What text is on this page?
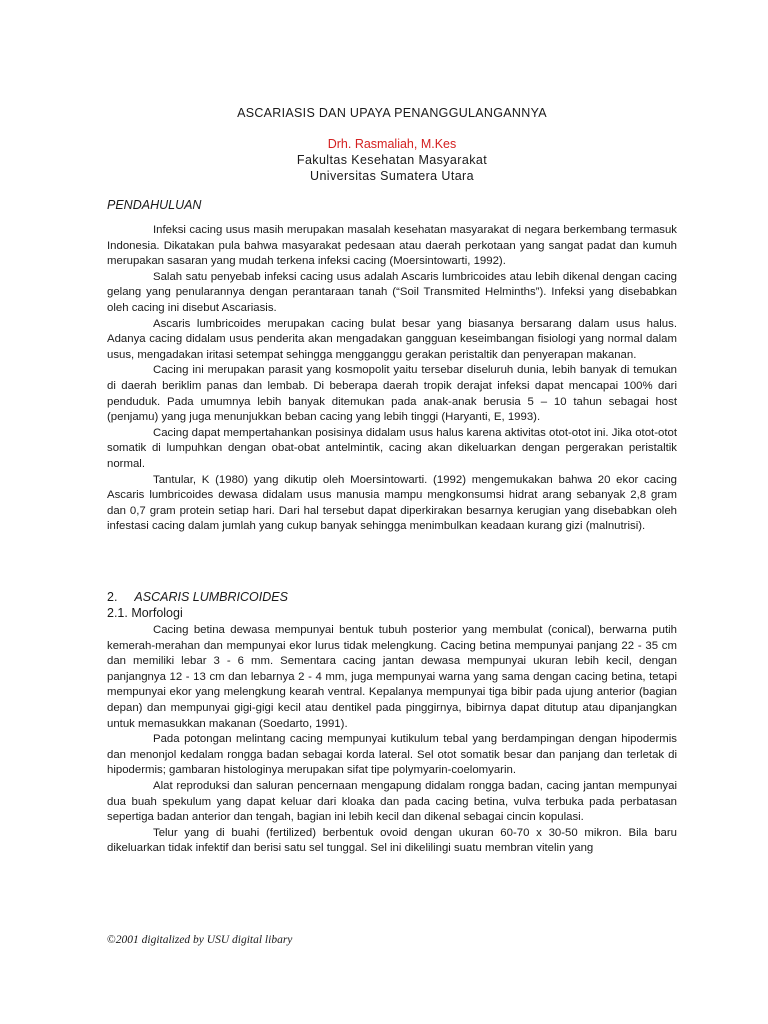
ASCARIASIS DAN UPAYA PENANGGULANGANNYA
Drh. Rasmaliah, M.Kes
Fakultas Kesehatan Masyarakat
Universitas Sumatera Utara
PENDAHULUAN

Infeksi cacing usus masih merupakan masalah kesehatan masyarakat di negara berkembang termasuk Indonesia. Dikatakan pula bahwa masyarakat pedesaan atau daerah perkotaan yang sangat padat dan kumuh merupakan sasaran yang mudah terkena infeksi cacing (Moersintowarti, 1992).

Salah satu penyebab infeksi cacing usus adalah Ascaris lumbricoides atau lebih dikenal dengan cacing gelang yang penularannya dengan perantaraan tanah (“Soil Transmited Helminths”). Infeksi yang disebabkan oleh cacing ini disebut Ascariasis.

Ascaris lumbricoides merupakan cacing bulat besar yang biasanya bersarang dalam usus halus. Adanya cacing didalam usus penderita akan mengadakan gangguan keseimbangan fisiologi yang normal dalam usus, mengadakan iritasi setempat sehingga mengganggu gerakan peristaltik dan penyerapan makanan.

Cacing ini merupakan parasit yang kosmopolit yaitu tersebar diseluruh dunia, lebih banyak di temukan di daerah beriklim panas dan lembab. Di beberapa daerah tropik derajat infeksi dapat mencapai 100% dari penduduk. Pada umumnya lebih banyak ditemukan pada anak-anak berusia 5 – 10 tahun sebagai host (penjamu) yang juga menunjukkan beban cacing yang lebih tinggi (Haryanti, E, 1993).

Cacing dapat mempertahankan posisinya didalam usus halus karena aktivitas otot-otot ini. Jika otot-otot somatik di lumpuhkan dengan obat-obat antelmintik, cacing akan dikeluarkan dengan pergerakan peristaltik normal.

Tantular, K (1980) yang dikutip oleh Moersintowarti. (1992) mengemukakan bahwa 20 ekor cacing Ascaris lumbricoides dewasa didalam usus manusia mampu mengkonsumsi hidrat arang sebanyak 2,8 gram dan 0,7 gram protein setiap hari. Dari hal tersebut dapat diperkirakan besarnya kerugian yang disebabkan oleh infestasi cacing dalam jumlah yang cukup banyak sehingga menimbulkan keadaan kurang gizi (malnutrisi).

2. ASCARIS LUMBRICOIDES
2.1. Morfologi

Cacing betina dewasa mempunyai bentuk tubuh posterior yang membulat (conical), berwarna putih kemerah-merahan dan mempunyai ekor lurus tidak melengkung. Cacing betina mempunyai panjang 22 - 35 cm dan memiliki lebar 3 - 6 mm. Sementara cacing jantan dewasa mempunyai ukuran lebih kecil, dengan panjangnya 12 - 13 cm dan lebarnya 2 - 4 mm, juga mempunyai warna yang sama dengan cacing betina, tetapi mempunyai ekor yang melengkung kearah ventral. Kepalanya mempunyai tiga bibir pada ujung anterior (bagian depan) dan mempunyai gigi-gigi kecil atau dentikel pada pinggirnya, bibirnya dapat ditutup atau dipanjangkan untuk memasukkan makanan (Soedarto, 1991).

Pada potongan melintang cacing mempunyai kutikulum tebal yang berdampingan dengan hipodermis dan menonjol kedalam rongga badan sebagai korda lateral. Sel otot somatik besar dan panjang dan terletak di hipodermis; gambaran histologinya merupakan sifat tipe polymyarin-coelomyarin.

Alat reproduksi dan saluran pencernaan mengapung didalam rongga badan, cacing jantan mempunyai dua buah spekulum yang dapat keluar dari kloaka dan pada cacing betina, vulva terbuka pada perbatasan sepertiga badan anterior dan tengah, bagian ini lebih kecil dan dikenal sebagai cincin kopulasi.

Telur yang di buahi (fertilized) berbentuk ovoid dengan ukuran 60-70 x 30-50 mikron. Bila baru dikeluarkan tidak infektif dan berisi satu sel tunggal. Sel ini dikelilingi suatu membran vitelin yang

©2001 digitalized by USU digital libary
